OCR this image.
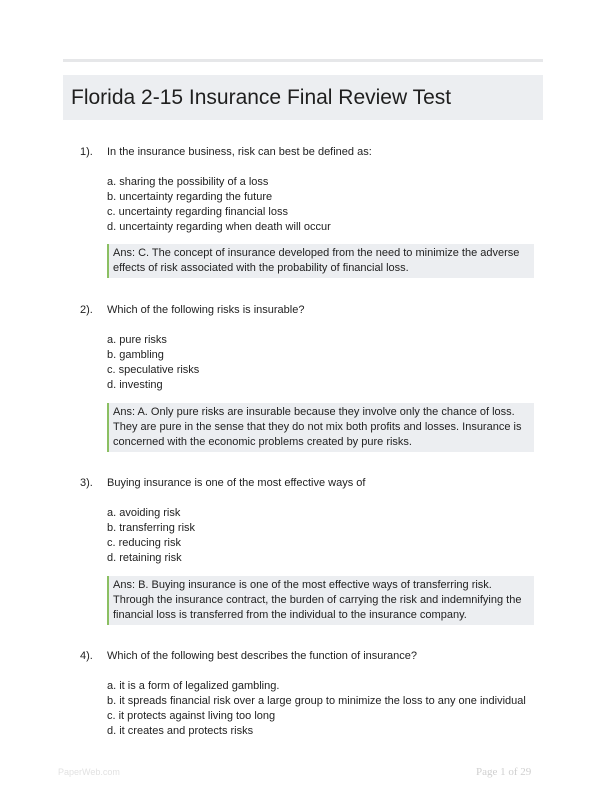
Florida 2-15 Insurance Final Review Test
1). In the insurance business, risk can best be defined as:
a. sharing the possibility of a loss
b. uncertainty regarding the future
c. uncertainty regarding financial loss
d. uncertainty regarding when death will occur
Ans: C. The concept of insurance developed from the need to minimize the adverse effects of risk associated with the probability of financial loss.
2). Which of the following risks is insurable?
a. pure risks
b. gambling
c. speculative risks
d. investing
Ans: A. Only pure risks are insurable because they involve only the chance of loss. They are pure in the sense that they do not mix both profits and losses. Insurance is concerned with the economic problems created by pure risks.
3). Buying insurance is one of the most effective ways of
a. avoiding risk
b. transferring risk
c. reducing risk
d. retaining risk
Ans: B. Buying insurance is one of the most effective ways of transferring risk. Through the insurance contract, the burden of carrying the risk and indemnifying the financial loss is transferred from the individual to the insurance company.
4). Which of the following best describes the function of insurance?
a. it is a form of legalized gambling.
b. it spreads financial risk over a large group to minimize the loss to any one individual
c. it protects against living too long
d. it creates and protects risks
PaperWeb.com	Page 1 of 29
